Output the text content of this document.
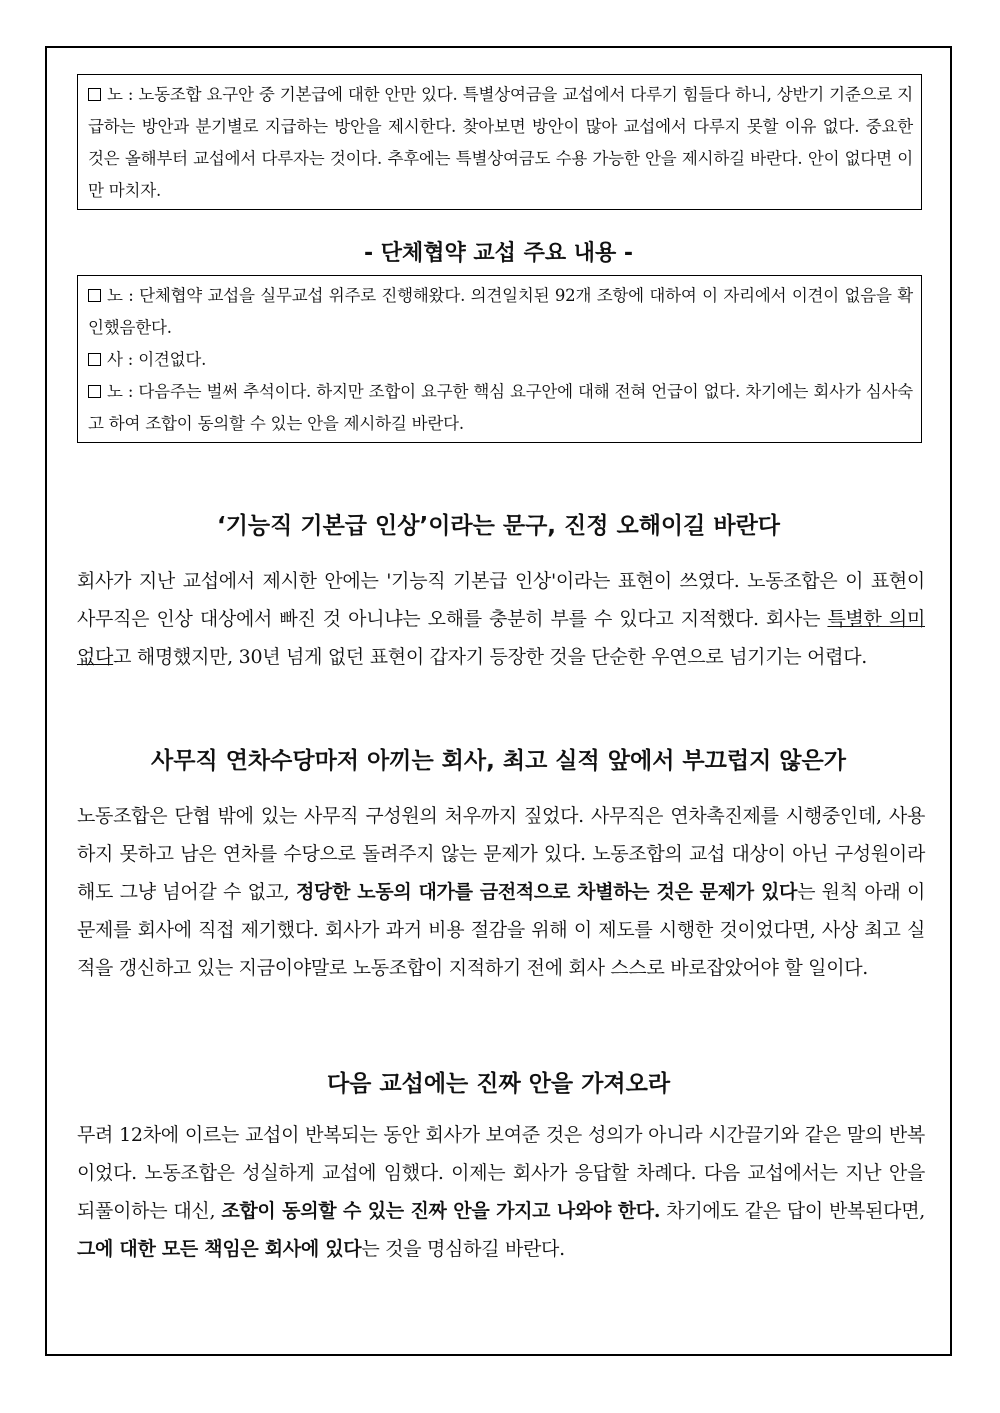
노 : 노동조합 요구안 중 기본급에 대한 안만 있다. 특별상여금을 교섭에서 다루기 힘들다 하니, 상반기 기준으로 지급하는 방안과 분기별로 지급하는 방안을 제시한다. 찾아보면 방안이 많아 교섭에서 다루지 못할 이유 없다. 중요한 것은 올해부터 교섭에서 다루자는 것이다. 추후에는 특별상여금도 수용 가능한 안을 제시하길 바란다. 안이 없다면 이만 마치자.

- 단체협약 교섭 주요 내용 -

노 : 단체협약 교섭을 실무교섭 위주로 진행해왔다. 의견일치된 92개 조항에 대하여 이 자리에서 이견이 없음을 확인했음한다.

사 : 이견없다.

노 : 다음주는 벌써 추석이다. 하지만 조합이 요구한 핵심 요구안에 대해 전혀 언급이 없다. 차기에는 회사가 심사숙고 하여 조합이 동의할 수 있는 안을 제시하길 바란다.

‘기능직 기본급 인상’이라는 문구, 진정 오해이길 바란다

회사가 지난 교섭에서 제시한 안에는 '기능직 기본급 인상'이라는 표현이 쓰였다. 노동조합은 이 표현이 사무직은 인상 대상에서 빠진 것 아니냐는 오해를 충분히 부를 수 있다고 지적했다. 회사는 특별한 의미 없다고 해명했지만, 30년 넘게 없던 표현이 갑자기 등장한 것을 단순한 우연으로 넘기기는 어렵다.

사무직 연차수당마저 아끼는 회사, 최고 실적 앞에서 부끄럽지 않은가

노동조합은 단협 밖에 있는 사무직 구성원의 처우까지 짚었다. 사무직은 연차촉진제를 시행중인데, 사용하지 못하고 남은 연차를 수당으로 돌려주지 않는 문제가 있다. 노동조합의 교섭 대상이 아닌 구성원이라 해도 그냥 넘어갈 수 없고, 정당한 노동의 대가를 금전적으로 차별하는 것은 문제가 있다는 원칙 아래 이 문제를 회사에 직접 제기했다. 회사가 과거 비용 절감을 위해 이 제도를 시행한 것이었다면, 사상 최고 실적을 갱신하고 있는 지금이야말로 노동조합이 지적하기 전에 회사 스스로 바로잡았어야 할 일이다.

다음 교섭에는 진짜 안을 가져오라

무려 12차에 이르는 교섭이 반복되는 동안 회사가 보여준 것은 성의가 아니라 시간끌기와 같은 말의 반복이었다. 노동조합은 성실하게 교섭에 임했다. 이제는 회사가 응답할 차례다. 다음 교섭에서는 지난 안을 되풀이하는 대신, 조합이 동의할 수 있는 진짜 안을 가지고 나와야 한다. 차기에도 같은 답이 반복된다면, 그에 대한 모든 책임은 회사에 있다는 것을 명심하길 바란다.
